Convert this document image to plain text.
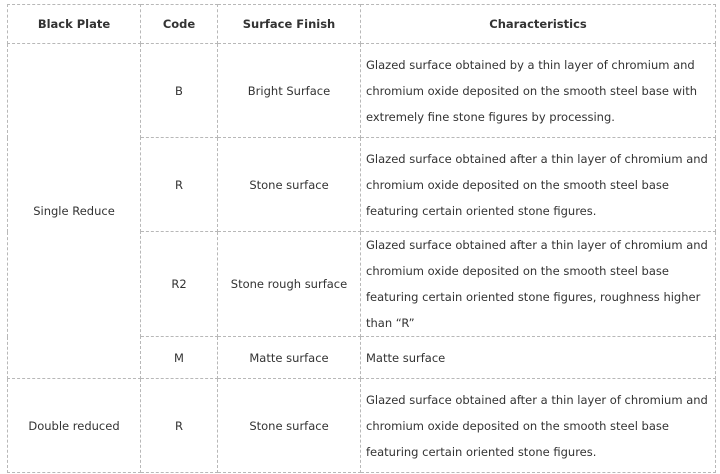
Black Plate	Code	Surface Finish	Characteristics
Single Reduce	B	Bright Surface	Glazed surface obtained by a thin layer of chromium and chromium oxide deposited on the smooth steel base with extremely fine stone figures by processing.
	R	Stone surface	Glazed surface obtained after a thin layer of chromium and chromium oxide deposited on the smooth steel base featuring certain oriented stone figures.
	R2	Stone rough surface	Glazed surface obtained after a thin layer of chromium and chromium oxide deposited on the smooth steel base featuring certain oriented stone figures, roughness higher than “R”
	M	Matte surface	Matte surface
Double reduced	R	Stone surface	Glazed surface obtained after a thin layer of chromium and chromium oxide deposited on the smooth steel base featuring certain oriented stone figures.
